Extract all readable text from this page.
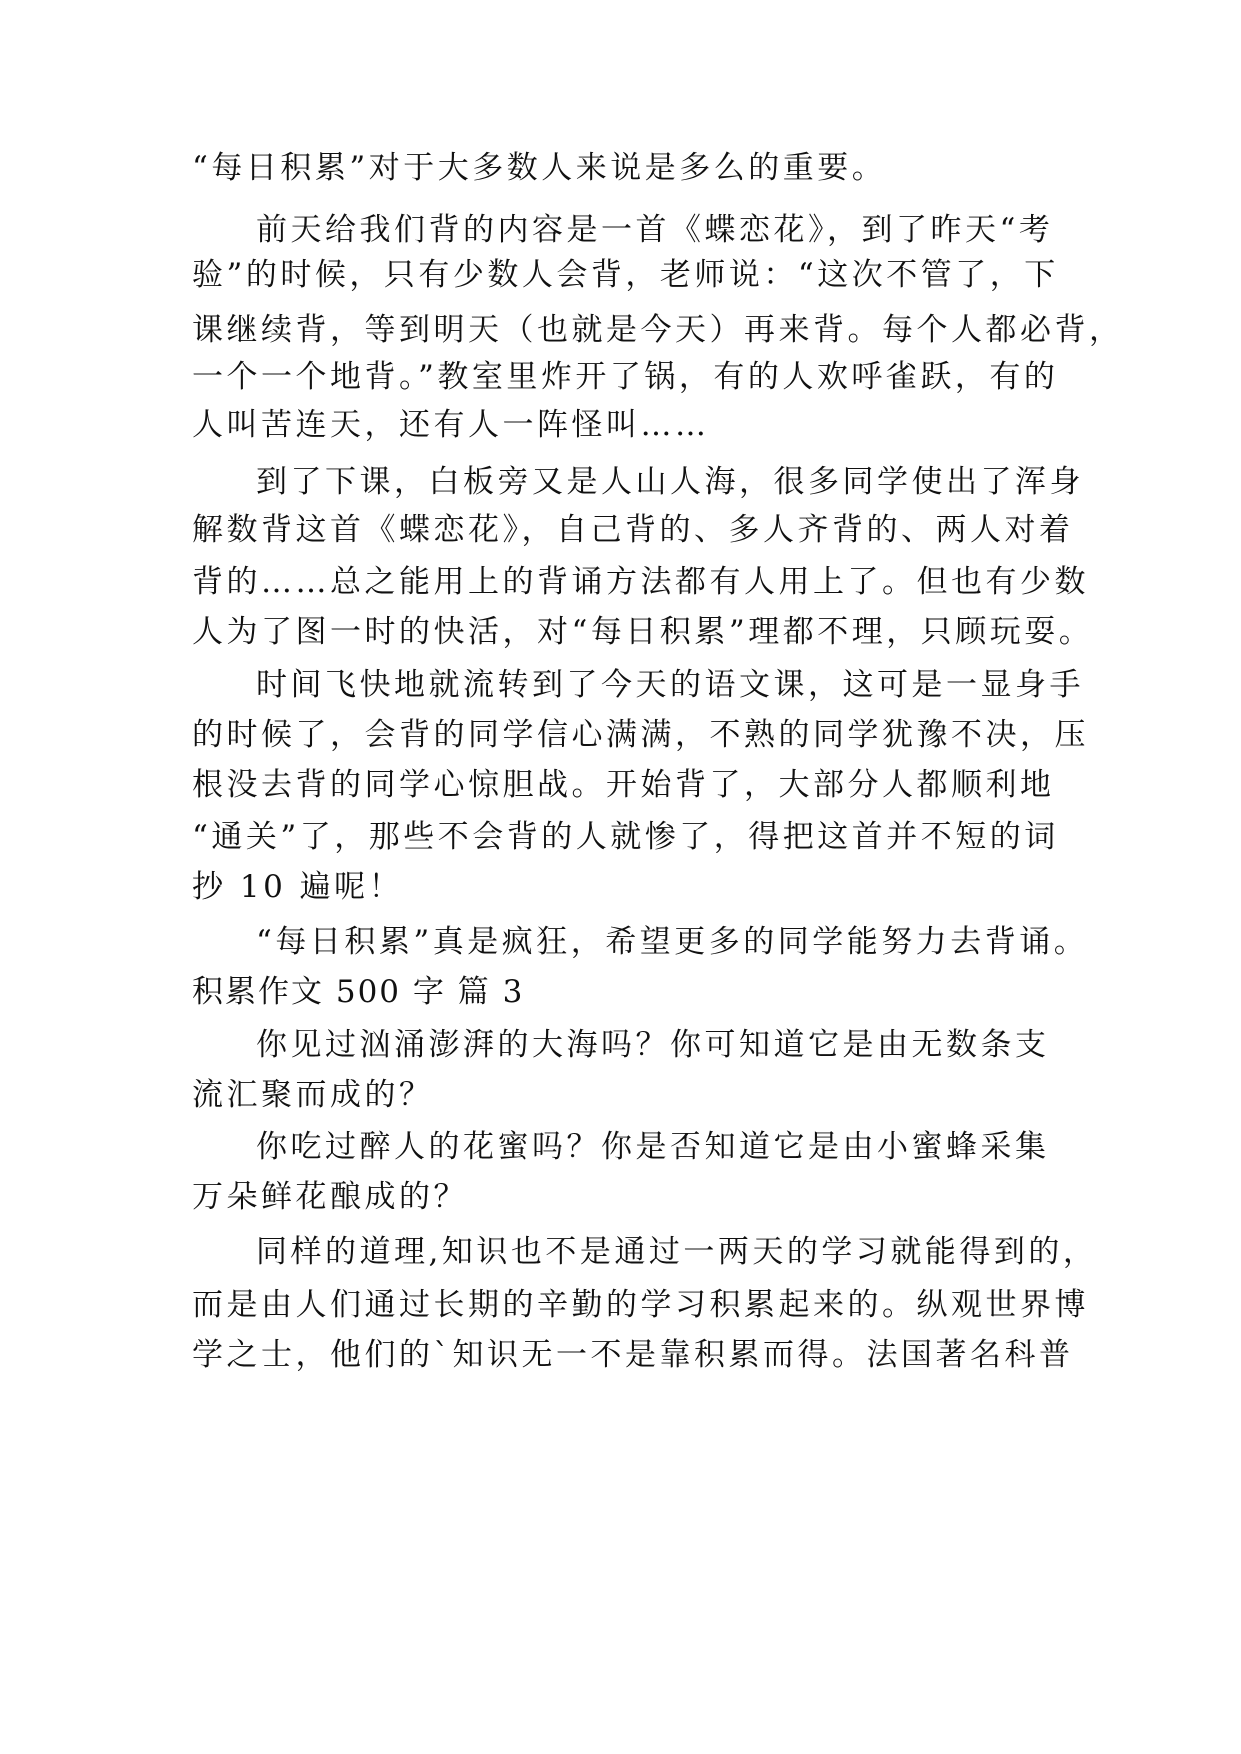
“每日积累”对于大多数人来说是多么的重要。
前天给我们背的内容是一首《蝶恋花》，到了昨天“考
验”的时候，只有少数人会背，老师说：“这次不管了，下
课继续背，等到明天（也就是今天）再来背。每个人都必背，
一个一个地背。”教室里炸开了锅，有的人欢呼雀跃，有的
人叫苦连天，还有人一阵怪叫……
到了下课，白板旁又是人山人海，很多同学使出了浑身
解数背这首《蝶恋花》，自己背的、多人齐背的、两人对着
背的……总之能用上的背诵方法都有人用上了。但也有少数
人为了图一时的快活，对“每日积累”理都不理，只顾玩耍。
时间飞快地就流转到了今天的语文课，这可是一显身手
的时候了，会背的同学信心满满，不熟的同学犹豫不决，压
根没去背的同学心惊胆战。开始背了，大部分人都顺利地
“通关”了，那些不会背的人就惨了，得把这首并不短的词
抄 10 遍呢！
“每日积累”真是疯狂，希望更多的同学能努力去背诵。
积累作文 500 字 篇 3
你见过汹涌澎湃的大海吗？你可知道它是由无数条支
流汇聚而成的？
你吃过醉人的花蜜吗？你是否知道它是由小蜜蜂采集
万朵鲜花酿成的？
同样的道理,知识也不是通过一两天的学习就能得到的，
而是由人们通过长期的辛勤的学习积累起来的。纵观世界博
学之士，他们的`知识无一不是靠积累而得。法国著名科普
